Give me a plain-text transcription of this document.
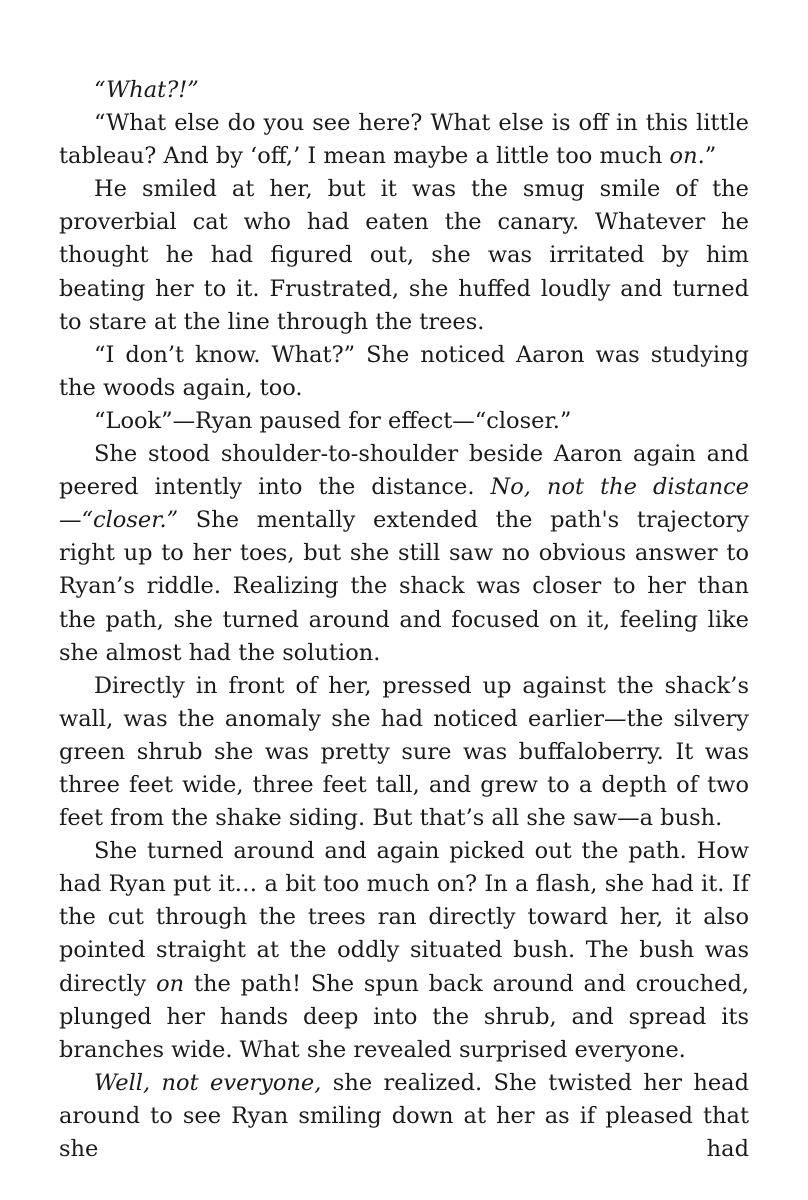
“What?!”

“What else do you see here? What else is off in this little tableau? And by ‘off,’ I mean maybe a little too much on.”

He smiled at her, but it was the smug smile of the proverbial cat who had eaten the canary. Whatever he thought he had figured out, she was irritated by him beating her to it. Frustrated, she huffed loudly and turned to stare at the line through the trees.

“I don’t know. What?” She noticed Aaron was studying the woods again, too.

“Look”—Ryan paused for effect—“closer.”

She stood shoulder-to-shoulder beside Aaron again and peered intently into the distance. No, not the distance—“closer.” She mentally extended the path's trajectory right up to her toes, but she still saw no obvious answer to Ryan’s riddle. Realizing the shack was closer to her than the path, she turned around and focused on it, feeling like she almost had the solution.

Directly in front of her, pressed up against the shack’s wall, was the anomaly she had noticed earlier—the silvery green shrub she was pretty sure was buffaloberry. It was three feet wide, three feet tall, and grew to a depth of two feet from the shake siding. But that’s all she saw—a bush.

She turned around and again picked out the path. How had Ryan put it… a bit too much on? In a flash, she had it. If the cut through the trees ran directly toward her, it also pointed straight at the oddly situated bush. The bush was directly on the path! She spun back around and crouched, plunged her hands deep into the shrub, and spread its branches wide. What she revealed surprised everyone.

Well, not everyone, she realized. She twisted her head around to see Ryan smiling down at her as if pleased that she had
